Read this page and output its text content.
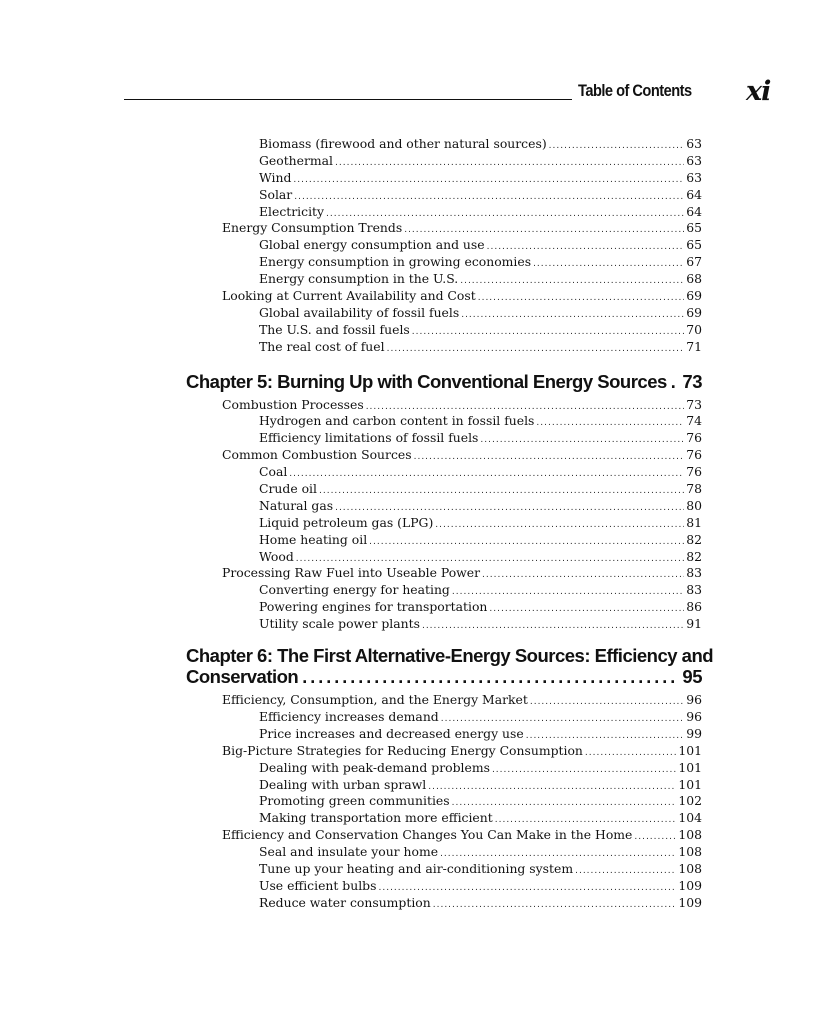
Table of Contents xi
Biomass (firewood and other natural sources) .....	63
Geothermal .....	63
Wind .....	63
Solar .....	64
Electricity .....	64
Energy Consumption Trends .....	65
Global energy consumption and use .....	65
Energy consumption in growing economies .....	67
Energy consumption in the U.S. .....	68
Looking at Current Availability and Cost .....	69
Global availability of fossil fuels .....	69
The U.S. and fossil fuels .....	70
The real cost of fuel .....	71
Chapter 5: Burning Up with Conventional Energy Sources ..... 73
Combustion Processes .....	73
Hydrogen and carbon content in fossil fuels .....	74
Efficiency limitations of fossil fuels .....	76
Common Combustion Sources .....	76
Coal .....	76
Crude oil .....	78
Natural gas .....	80
Liquid petroleum gas (LPG) .....	81
Home heating oil .....	82
Wood .....	82
Processing Raw Fuel into Useable Power .....	83
Converting energy for heating .....	83
Powering engines for transportation .....	86
Utility scale power plants .....	91
Chapter 6: The First Alternative-Energy Sources: Efficiency and
Conservation .....	95
Efficiency, Consumption, and the Energy Market .....	96
Efficiency increases demand .....	96
Price increases and decreased energy use .....	99
Big-Picture Strategies for Reducing Energy Consumption .....	101
Dealing with peak-demand problems .....	101
Dealing with urban sprawl .....	101
Promoting green communities .....	102
Making transportation more efficient .....	104
Efficiency and Conservation Changes You Can Make in the Home .....	108
Seal and insulate your home .....	108
Tune up your heating and air-conditioning system .....	108
Use efficient bulbs .....	109
Reduce water consumption .....	109
